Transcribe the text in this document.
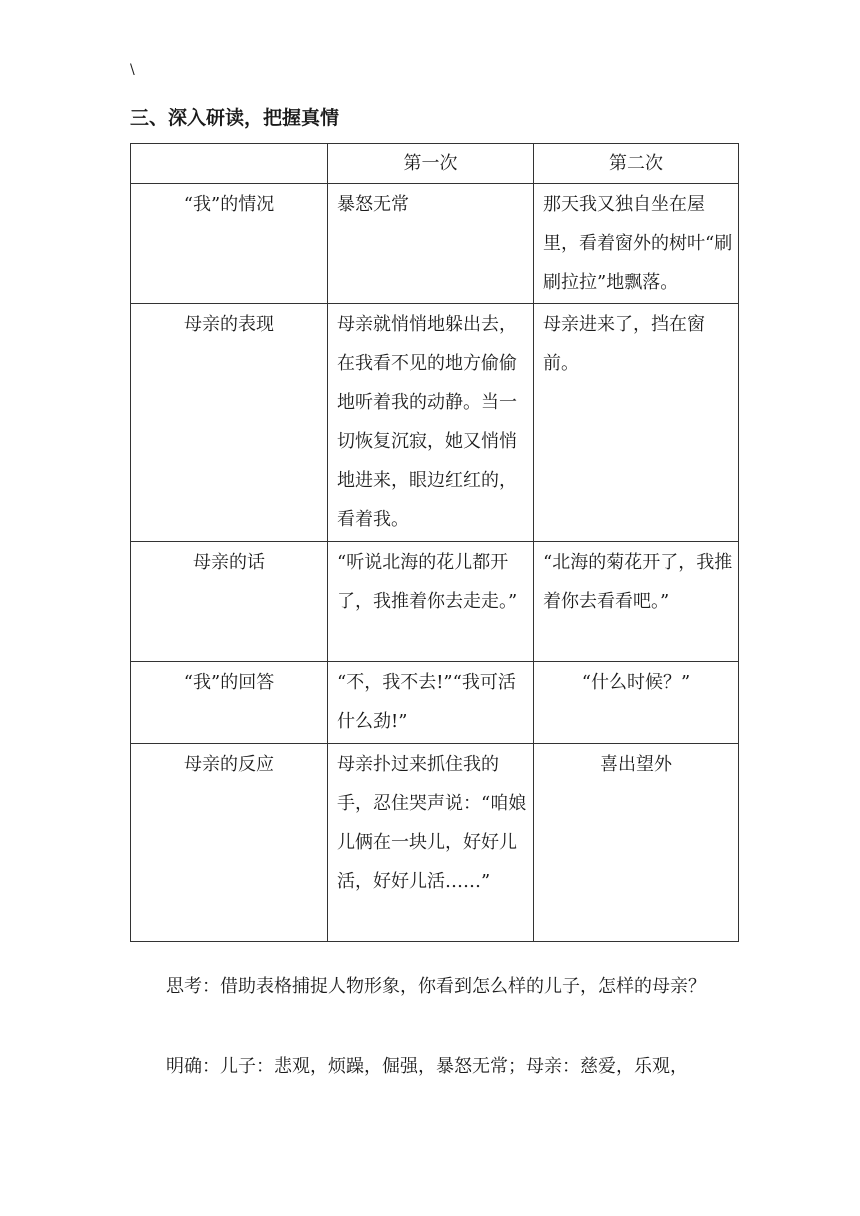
\
三、深入研读，把握真情
	第一次	第二次
“我”的情况	暴怒无常	那天我又独自坐在屋里，看着窗外的树叶“刷刷拉拉”地飘落。
母亲的表现	母亲就悄悄地躲出去，在我看不见的地方偷偷地听着我的动静。当一切恢复沉寂，她又悄悄地进来，眼边红红的，看着我。	母亲进来了，挡在窗前。
母亲的话	“听说北海的花儿都开了，我推着你去走走。”	“北海的菊花开了，我推着你去看看吧。”
“我”的回答	“不，我不去!”“我可活什么劲!”	“什么时候？”
母亲的反应	母亲扑过来抓住我的手，忍住哭声说：“咱娘儿俩在一块儿，好好儿活，好好儿活……”	喜出望外

思考：借助表格捕捉人物形象，你看到怎么样的儿子，怎样的母亲？

明确：儿子：悲观，烦躁，倔强，暴怒无常；母亲：慈爱，乐观，
